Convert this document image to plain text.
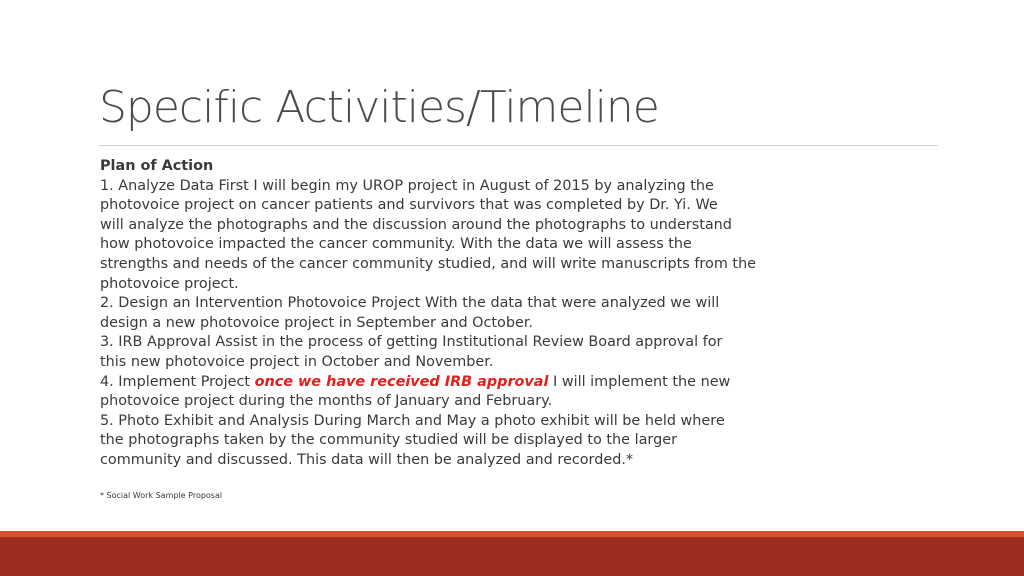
Specific Activities/Timeline
Plan of Action
1. Analyze Data First I will begin my UROP project in August of 2015 by analyzing the
photovoice project on cancer patients and survivors that was completed by Dr. Yi. We
will analyze the photographs and the discussion around the photographs to understand
how photovoice impacted the cancer community. With the data we will assess the
strengths and needs of the cancer community studied, and will write manuscripts from the
photovoice project.
2. Design an Intervention Photovoice Project With the data that were analyzed we will
design a new photovoice project in September and October.
3. IRB Approval Assist in the process of getting Institutional Review Board approval for
this new photovoice project in October and November.
4. Implement Project once we have received IRB approval I will implement the new
photovoice project during the months of January and February.
5. Photo Exhibit and Analysis During March and May a photo exhibit will be held where
the photographs taken by the community studied will be displayed to the larger
community and discussed. This data will then be analyzed and recorded.*
* Social Work Sample Proposal
